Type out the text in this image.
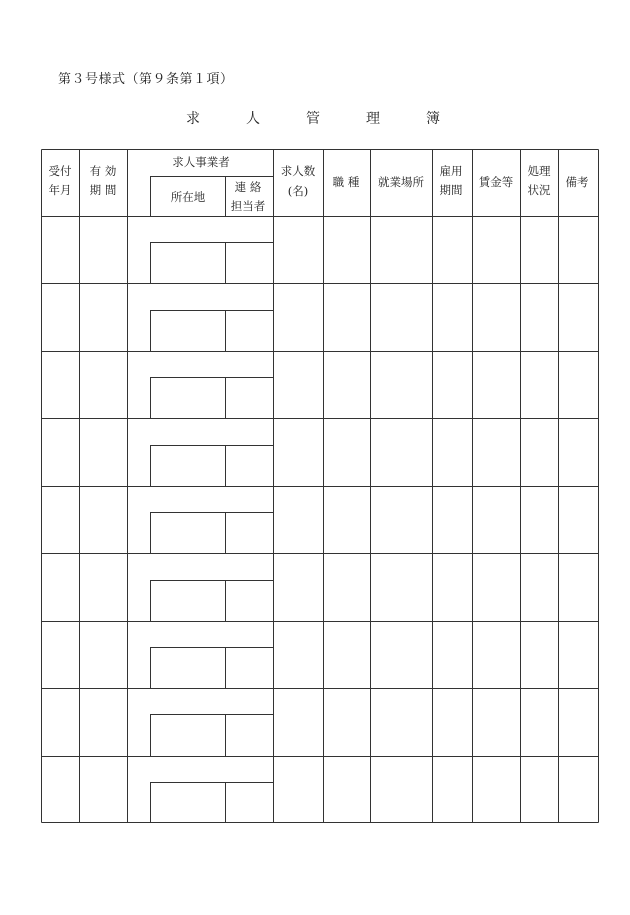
第３号様式（第９条第１項）
求　人　管　理　簿
受付
年月
有 効
期 間
求人事業者
所在地
連 絡
担当者
求人数
(名)
職 種 就業場所
雇用
期間
賃金等
処理
状況
備考
